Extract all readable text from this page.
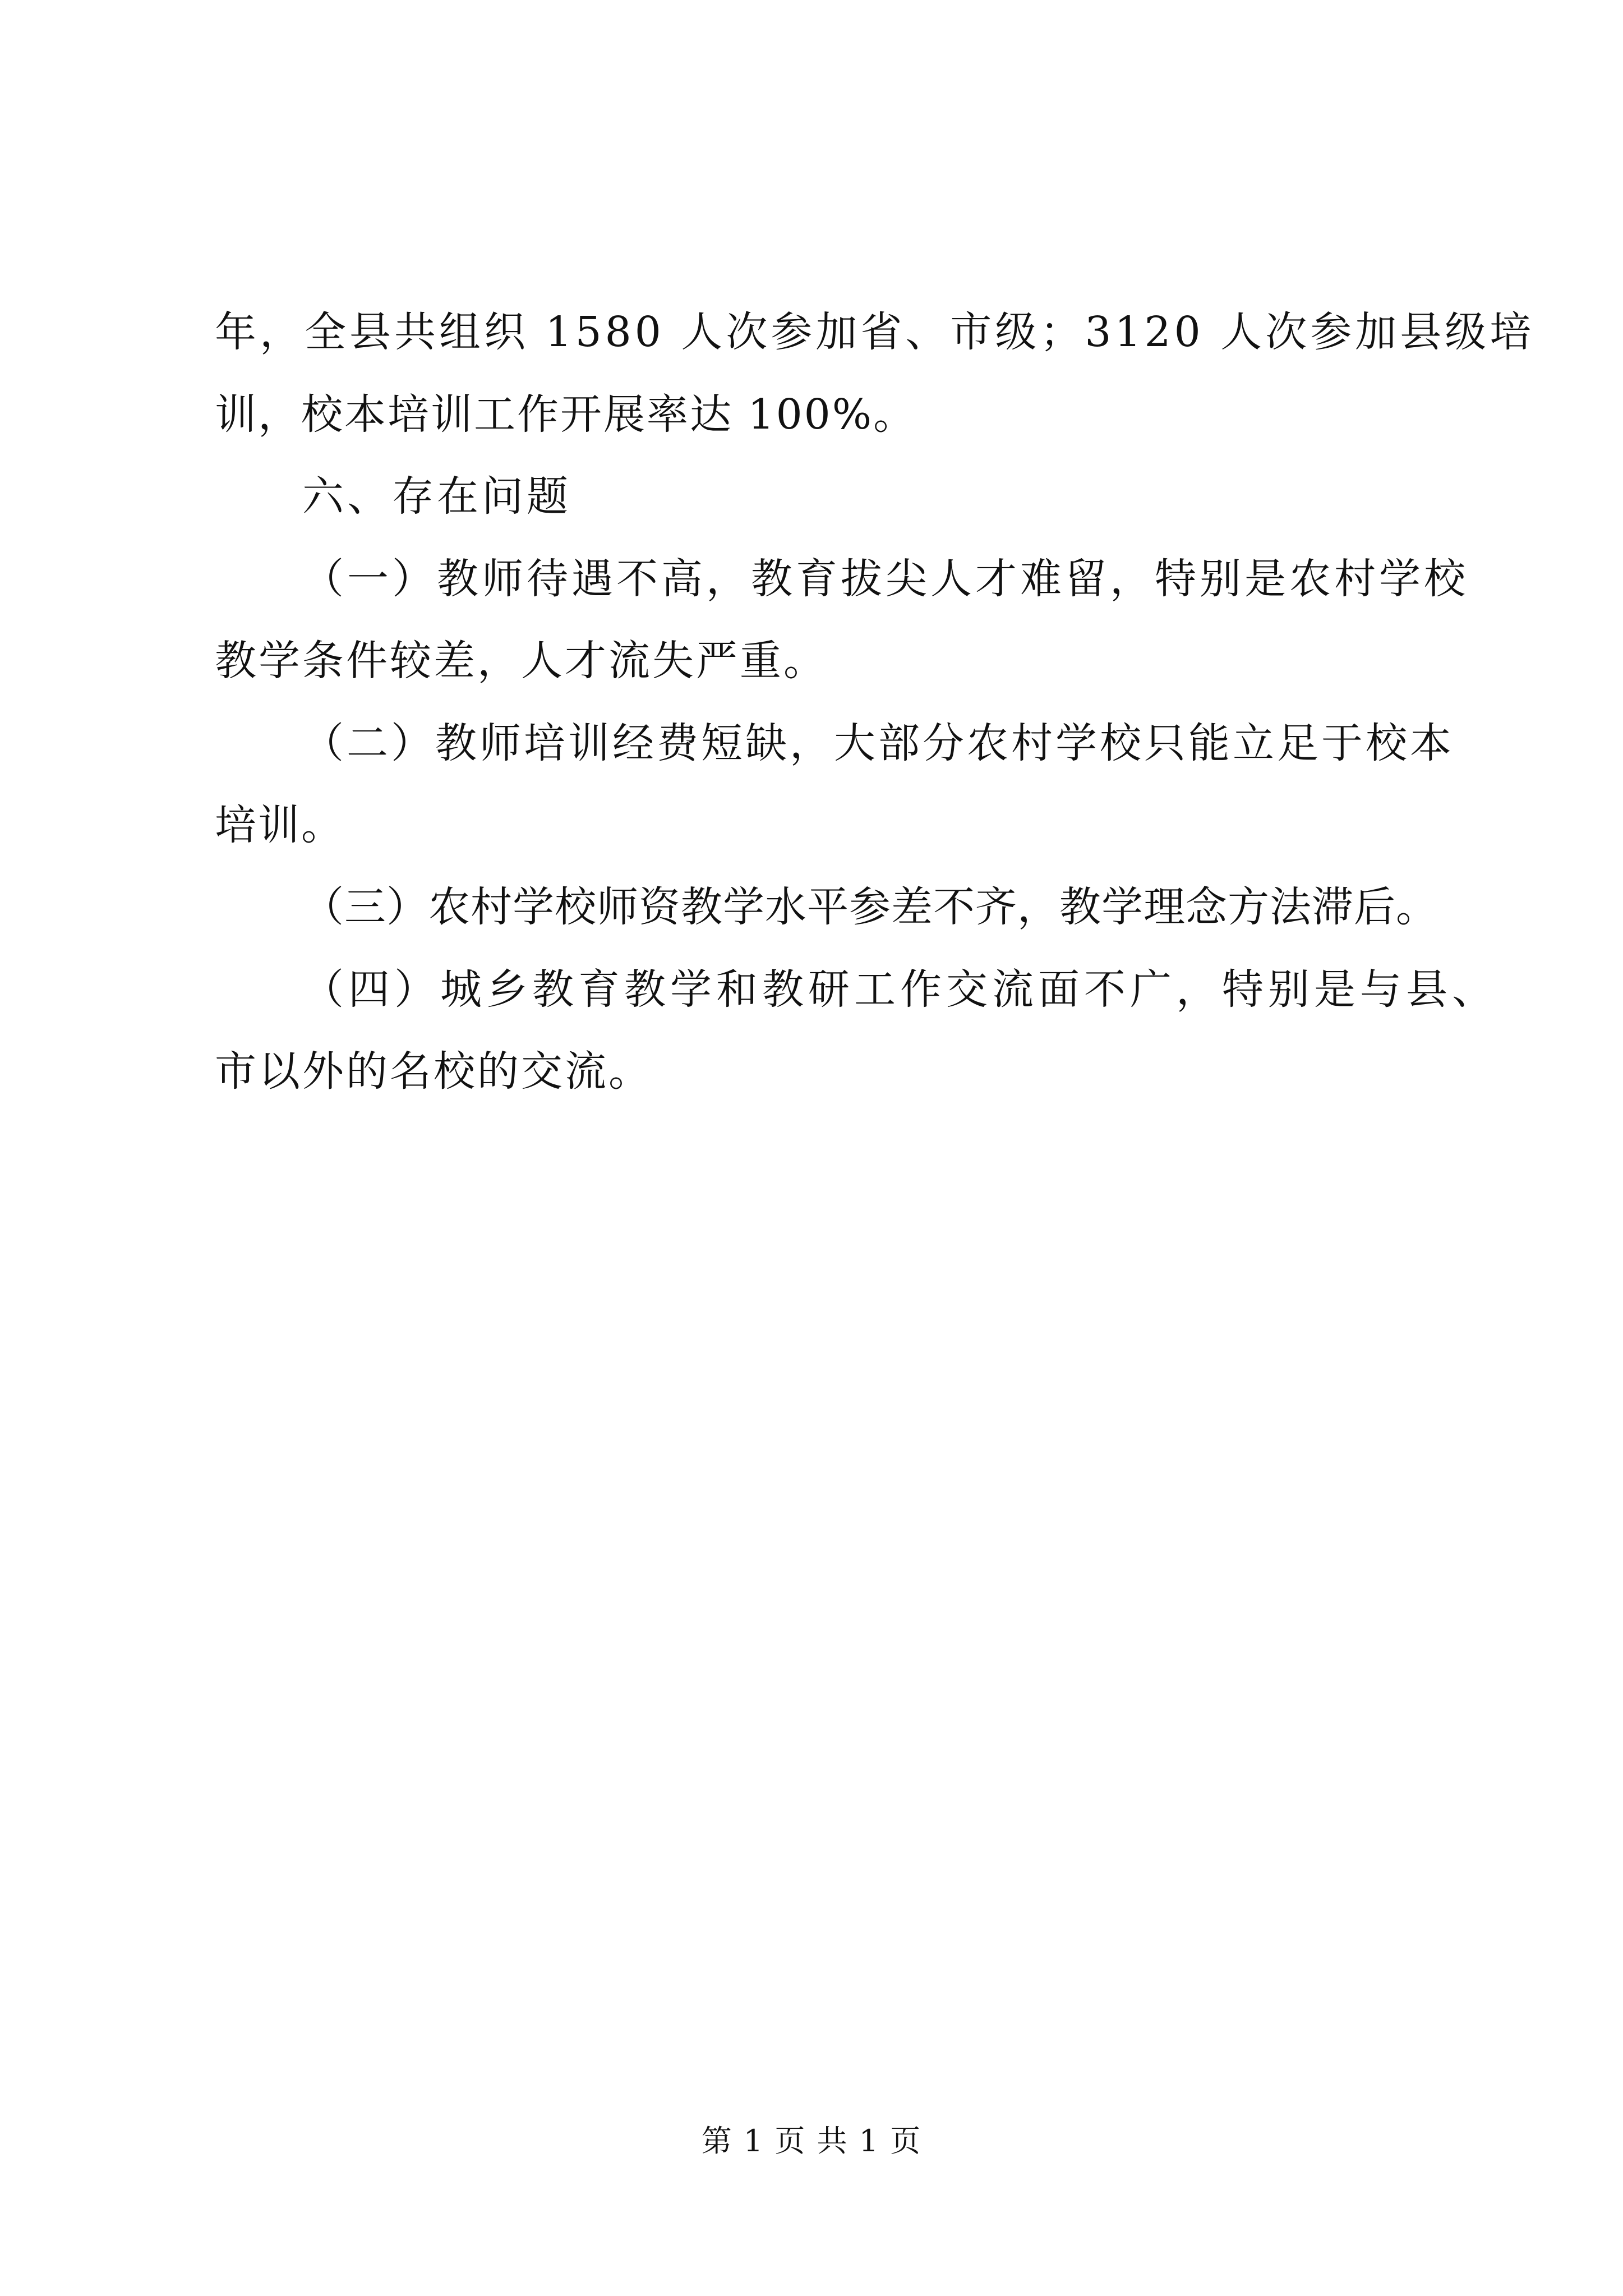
年，全县共组织 1580 人次参加省、市级；3120 人次参加县级培
训，校本培训工作开展率达 100%。
六、存在问题
（一）教师待遇不高，教育拔尖人才难留，特别是农村学校
教学条件较差，人才流失严重。
（二）教师培训经费短缺，大部分农村学校只能立足于校本
培训。
（三）农村学校师资教学水平参差不齐，教学理念方法滞后。
（四）城乡教育教学和教研工作交流面不广，特别是与县、
市以外的名校的交流。
第 1 页 共 1 页
